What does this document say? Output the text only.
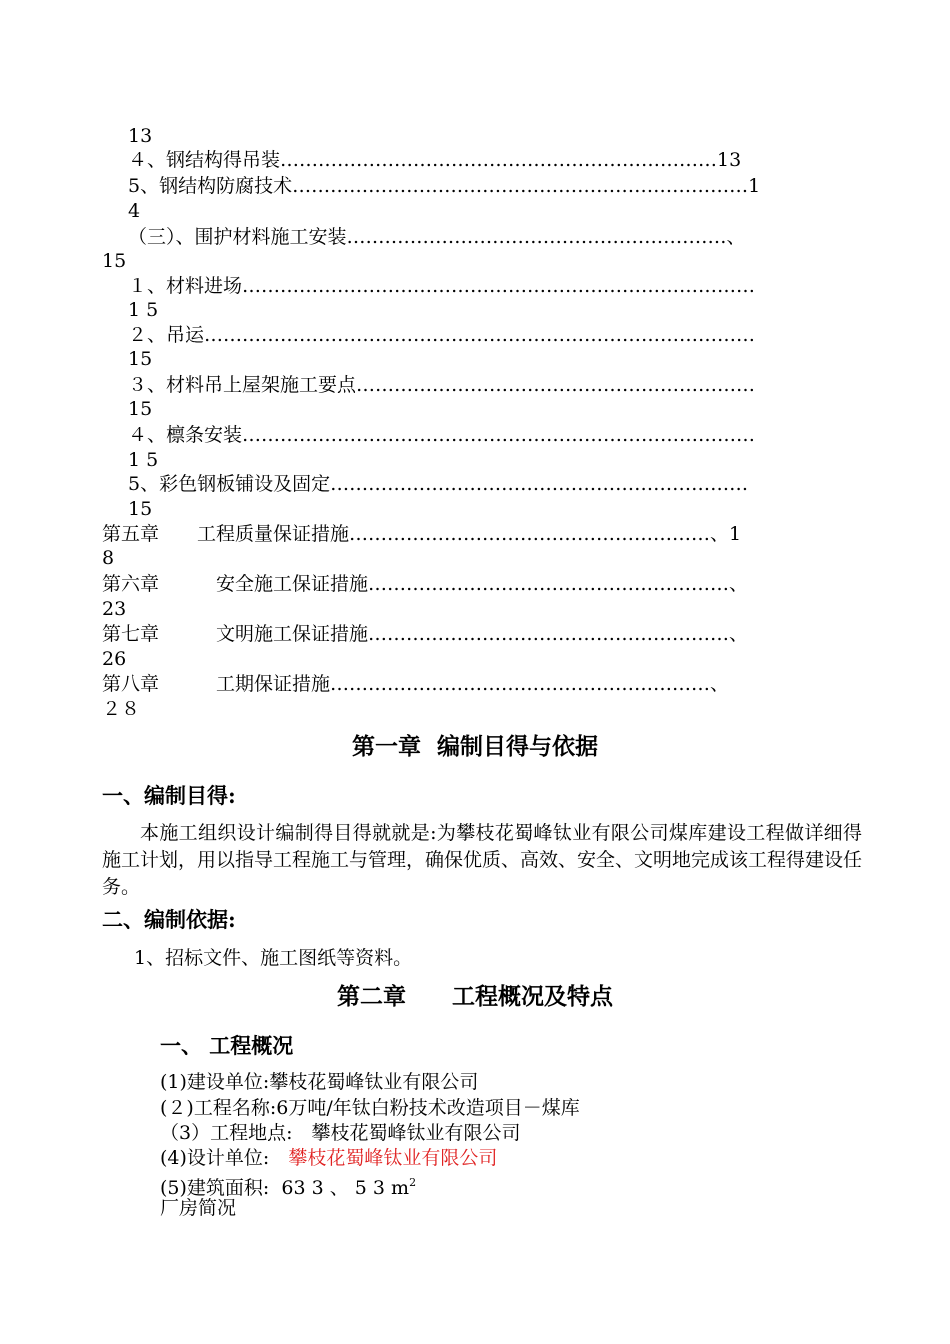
13
４、钢结构得吊装……………………………………………………………13
5、钢结构防腐技术………………………………………………………………1
4
（三）、围护材料施工安装……………………………………………………、
15
１、材料进场………………………………………………………………………
1 5
２、吊运……………………………………………………………………………
15
３、材料吊上屋架施工要点………………………………………………………
15
４、檩条安装………………………………………………………………………
1 5
5、彩色钢板铺设及固定…………………………………………………………
15
第五章　　工程质量保证措施…………………………………………………、1
8
第六章　　　安全施工保证措施…………………………………………………、
23
第七章　　　文明施工保证措施…………………………………………………、
26
第八章　　　工期保证措施……………………………………………………、
２８
第一章  编制目得与依据
一、编制目得:
本施工组织设计编制得目得就就是:为攀枝花蜀峰钛业有限公司煤库建设工程做详细得施工计划，用以指导工程施工与管理，确保优质、高效、安全、文明地完成该工程得建设任务。
二、编制依据:
1、招标文件、施工图纸等资料。
第二章　　工程概况及特点
一、 工程概况
(1)建设单位:攀枝花蜀峰钛业有限公司
(２)工程名称:6万吨/年钛白粉技术改造项目－煤库
（3）工程地点:　攀枝花蜀峰钛业有限公司
(4)设计单位:　攀枝花蜀峰钛业有限公司
(5)建筑面积:  63 3 、 5 3 $m^2$
厂房简况
